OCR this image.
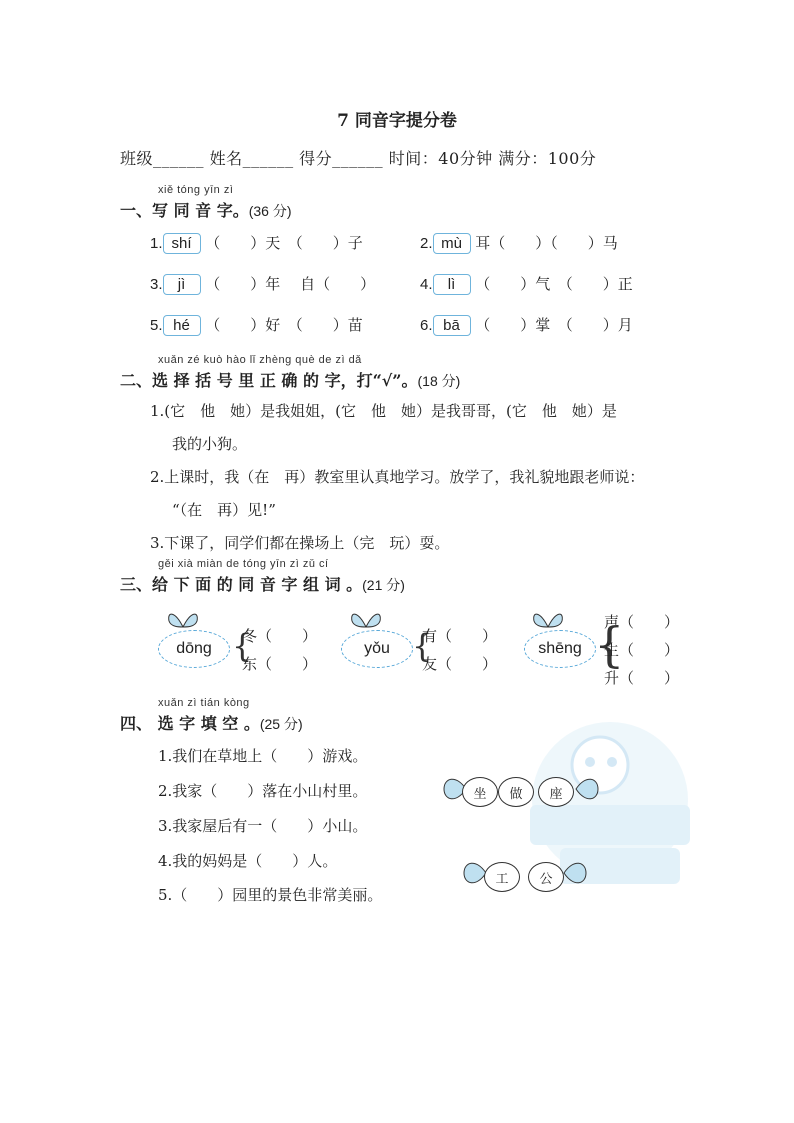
7 同音字提分卷
班级______ 姓名______ 得分______ 时间：40分钟 满分：100分
xiě tóng yīn zì
一、写 同 音 字。(36 分)
1. shí （　　）天　（　　）子	2. mù 耳（　　）（　　）马
3. jì （　　）年　 自（　　）	4. lì （　　）气　（　　）正
5. hé （　　）好　（　　）苗	6. bā （　　）掌　（　　）月
xuǎn zé kuò hào lǐ zhèng què de zì dǎ
二、选 择 括 号 里 正 确 的 字，打“√”。(18 分)
1.(它　他　她）是我姐姐，(它　他　她）是我哥哥，(它　他　她）是
我的小狗。
2.上课时，我（在　再）教室里认真地学习。放学了，我礼貌地跟老师说：
“（在　再）见!”
3.下课了，同学们都在操场上（完　玩）耍。
gěi xià miàn de tóng yīn zì zǔ cí
三、给 下 面 的 同 音 字 组 词 。(21 分)
dōng {
冬（　　）
东（　　）
yǒu {
有（　　）
友（　　）
shēng {
声（　　）
生（　　）
升（　　）
xuǎn zì tián kòng
四、 选 字 填 空 。(25 分)
1.我们在草地上（　　）游戏。
2.我家（　　）落在小山村里。
3.我家屋后有一（　　）小山。
4.我的妈妈是（　　）人。
5.（　　）园里的景色非常美丽。
坐	做	座
工	公
